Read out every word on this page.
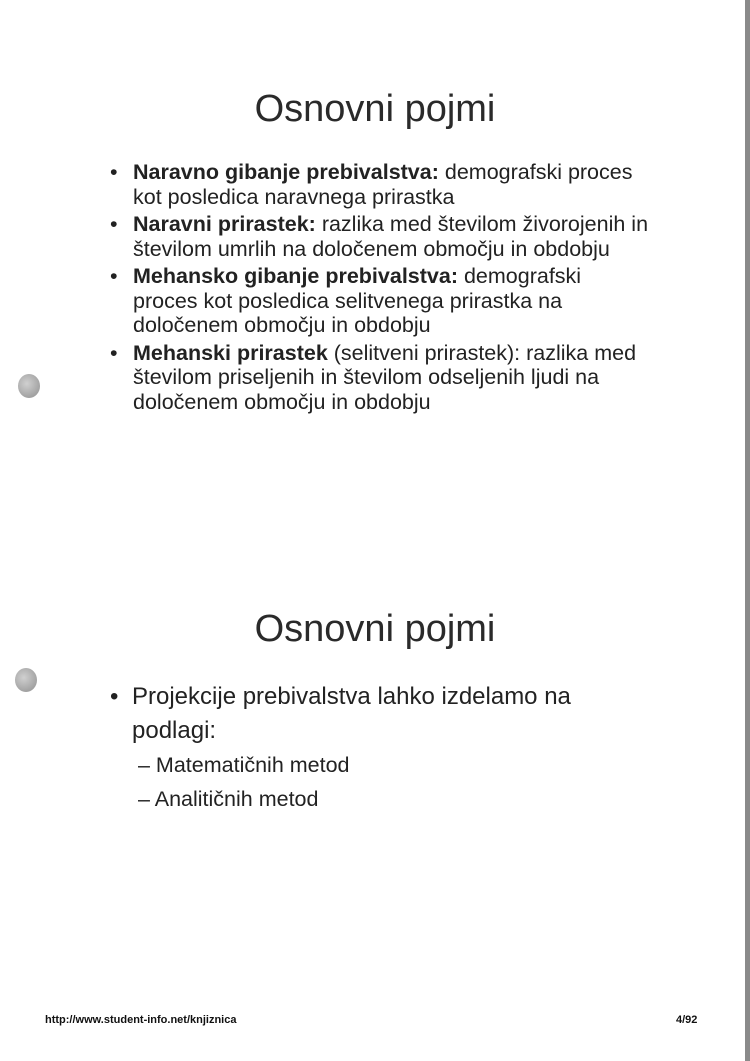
Osnovni pojmi
• Naravno gibanje prebivalstva: demografski proces kot posledica naravnega prirastka
• Naravni prirastek: razlika med številom živorojenih in številom umrlih na določenem območju in obdobju
• Mehansko gibanje prebivalstva: demografski proces kot posledica selitvenega prirastka na določenem območju in obdobju
• Mehanski prirastek (selitveni prirastek): razlika med številom priseljenih in številom odseljenih ljudi na določenem območju in obdobju
Osnovni pojmi
• Projekcije prebivalstva lahko izdelamo na podlagi:
– Matematičnih metod
– Analitičnih metod
http://www.student-info.net/knjiznica	4/92
